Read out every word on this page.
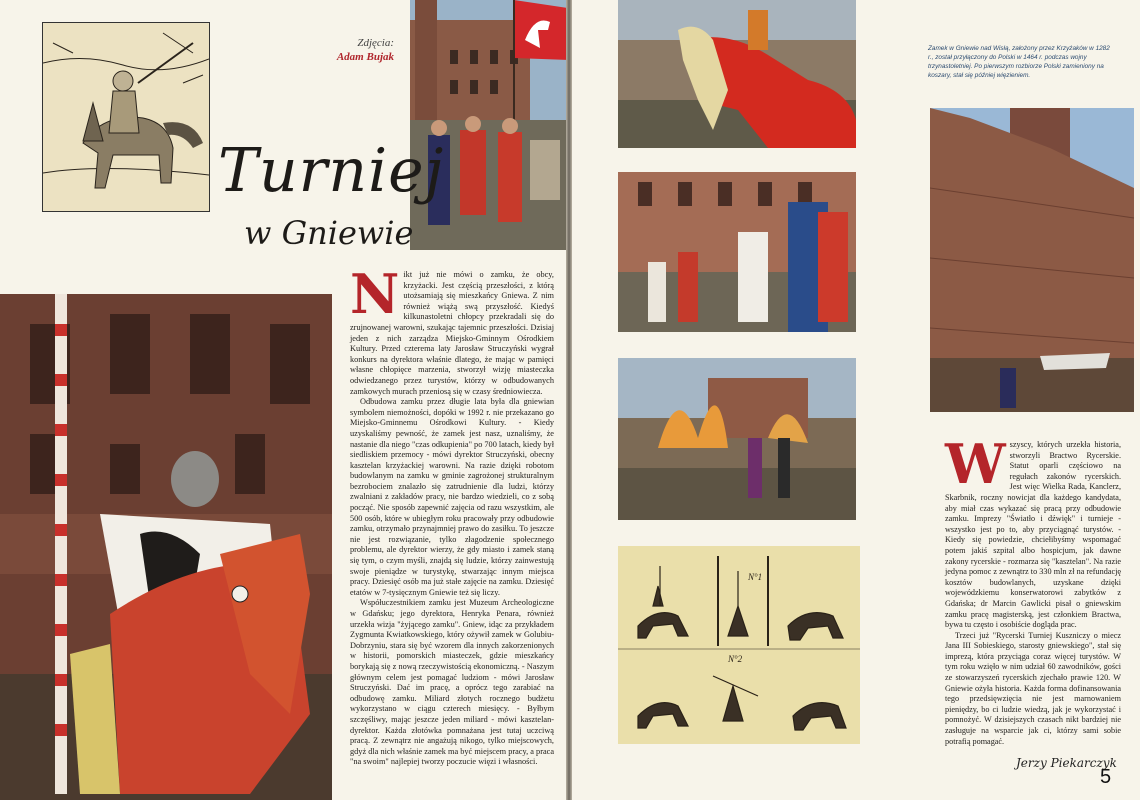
Zdjęcia:
Adam Bujak
Turniej
w Gniewie

Nikt już nie mówi o zamku, że obcy, krzyżacki. Jest częścią przeszłości, z którą utożsamiają się mieszkańcy Gniewa. Z nim również wiążą swą przyszłość. Kiedyś kilkunastoletni chłopcy przekradali się do zrujnowanej warowni, szukając tajemnic przeszłości. Dzisiaj jeden z nich zarządza Miejsko-Gminnym Ośrodkiem Kultury. Przed czterema laty Jarosław Struczyński wygrał konkurs na dyrektora właśnie dlatego, że mając w pamięci własne chłopięce marzenia, stworzył wizję miasteczka odwiedzanego przez turystów, którzy w odbudowanych zamkowych murach przeniosą się w czasy średniowiecza.

Odbudowa zamku przez długie lata była dla gniewian symbolem niemożności, dopóki w 1992 r. nie przekazano go Miejsko-Gminnemu Ośrodkowi Kultury. - Kiedy uzyskaliśmy pewność, że zamek jest nasz, uznaliśmy, że nastanie dla niego "czas odkupienia" po 700 latach, kiedy był siedliskiem przemocy - mówi dyrektor Struczyński, obecny kasztelan krzyżackiej warowni. Na razie dzięki robotom budowlanym na zamku w gminie zagrożonej strukturalnym bezrobociem znalazło się zatrudnienie dla ludzi, którzy zwalniani z zakładów pracy, nie bardzo wiedzieli, co z sobą począć. Nie sposób zapewnić zajęcia od razu wszystkim, ale 500 osób, które w ubiegłym roku pracowały przy odbudowie zamku, otrzymało przynajmniej prawo do zasiłku. To jeszcze nie jest rozwiązanie, tylko złagodzenie społecznego problemu, ale dyrektor wierzy, że gdy miasto i zamek staną się tym, o czym myśli, znajdą się ludzie, którzy zainwestują swoje pieniądze w turystykę, stwarzając innym miejsca pracy. Dziesięć osób ma już stałe zajęcie na zamku. Dziesięć etatów w 7-tysięcznym Gniewie też się liczy.

Współuczestnikiem zamku jest Muzeum Archeologiczne w Gdańsku; jego dyrektora, Henryka Penara, również urzekła wizja "żyjącego zamku". Gniew, idąc za przykładem Zygmunta Kwiatkowskiego, który ożywił zamek w Golubiu-Dobrzyniu, stara się być wzorem dla innych zakorzenionych w historii, pomorskich miasteczek, gdzie mieszkańcy borykają się z nową rzeczywistością ekonomiczną. - Naszym głównym celem jest pomagać ludziom - mówi Jarosław Struczyński. Dać im pracę, a oprócz tego zarabiać na odbudowę zamku. Miliard złotych rocznego budżetu wykorzystano w ciągu czterech miesięcy. - Byłbym szczęśliwy, mając jeszcze jeden miliard - mówi kasztelan-dyrektor. Każda złotówka pomnażana jest tutaj uczciwą pracą. Z zewnątrz nie angażują nikogo, tylko miejscowych, gdyż dla nich właśnie zamek ma być miejscem pracy, a praca "na swoim" najlepiej tworzy poczucie więzi i własności.

N°1
N°2
Zamek w Gniewie nad Wisłą, założony przez Krzyżaków w 1282 r., został przyłączony do Polski w 1464 r. podczas wojny trzynastoletniej. Po pierwszym rozbiorze Polski zamieniony na koszary, stał się później więzieniem.

Wszyscy, których urzekła historia, stworzyli Bractwo Rycerskie. Statut oparli częściowo na regułach zakonów rycerskich. Jest więc Wielka Rada, Kanclerz, Skarbnik, roczny nowicjat dla każdego kandydata, aby miał czas wykazać się pracą przy odbudowie zamku. Imprezy "Światło i dźwięk" i turnieje - wszystko jest po to, aby przyciągnąć turystów. - Kiedy się powiedzie, chciełibyśmy wspomagać potem jakiś szpital albo hospicjum, jak dawne zakony rycerskie - rozmarza się "kasztelan". Na razie jedyna pomoc z zewnątrz to 330 mln zł na refundację kosztów budowlanych, uzyskane dzięki wojewódzkiemu konserwatorowi zabytków z Gdańska; dr Marcin Gawlicki pisał o gniewskim zamku pracę magisterską, jest członkiem Bractwa, bywa tu często i osobiście dogląda prac.

Trzeci już "Rycerski Turniej Kuszniczy o miecz Jana III Sobieskiego, starosty gniewskiego", stał się imprezą, która przyciąga coraz więcej turystów. W tym roku wzięło w nim udział 60 zawodników, gości ze stowarzyszeń rycerskich zjechało prawie 120. W Gniewie ożyła historia. Każda forma dofinansowania tego przedsięwzięcia nie jest marnowaniem pieniędzy, bo ci ludzie wiedzą, jak je wykorzystać i pomnożyć. W dzisiejszych czasach nikt bardziej nie zasługuje na wsparcie jak ci, którzy sami sobie potrafią pomagać.

Jerzy Piekarczyk
5
